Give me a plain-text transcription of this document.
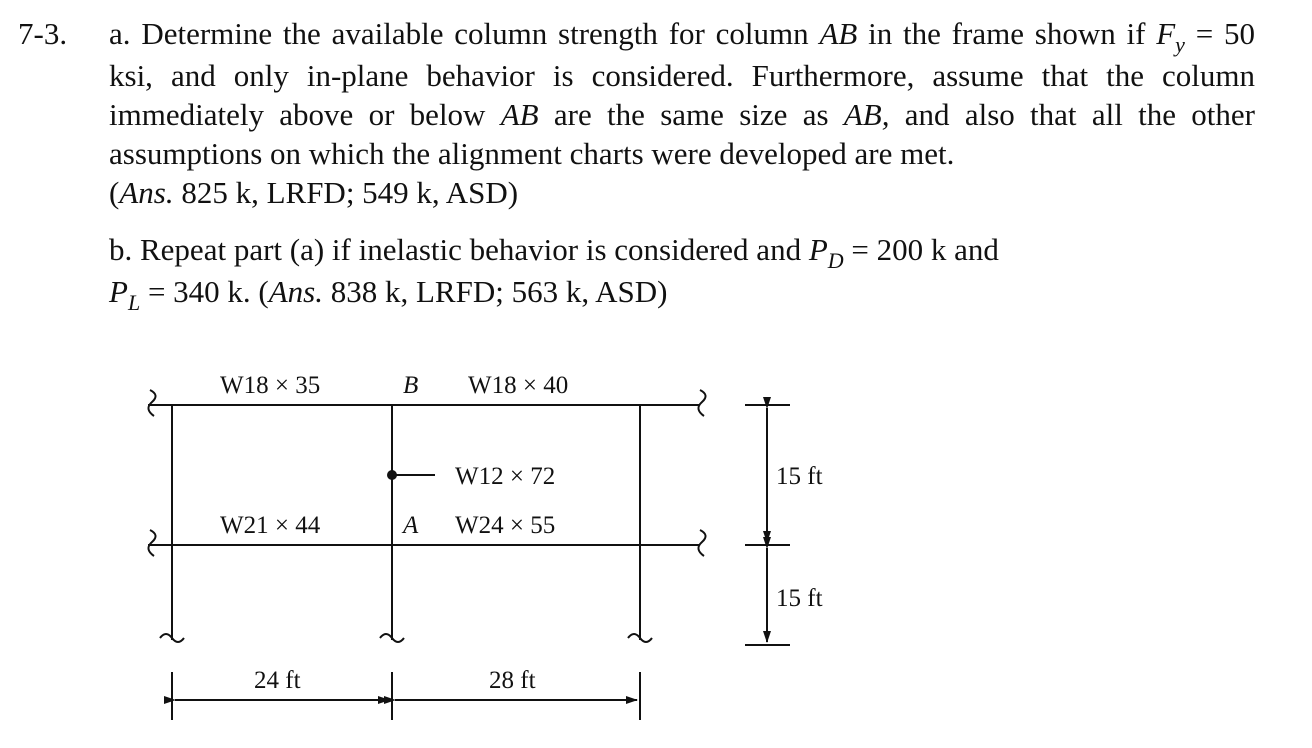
7-3. a. Determine the available column strength for column AB in the frame shown if $F_y = 50$ ksi, and only in-plane behavior is considered. Furthermore, assume that the column immediately above or below AB are the same size as AB, and also that all the other assumptions on which the alignment charts were developed are met.
(Ans. 825 k, LRFD; 549 k, ASD)
b. Repeat part (a) if inelastic behavior is considered and $P_D = 200$ k and
$P_L = 340$ k. (Ans. 838 k, LRFD; 563 k, ASD)
W18 × 35	B W18 × 40
W12 × 72
W21 × 44	A W24 × 55
15 ft
15 ft
24 ft	28 ft
